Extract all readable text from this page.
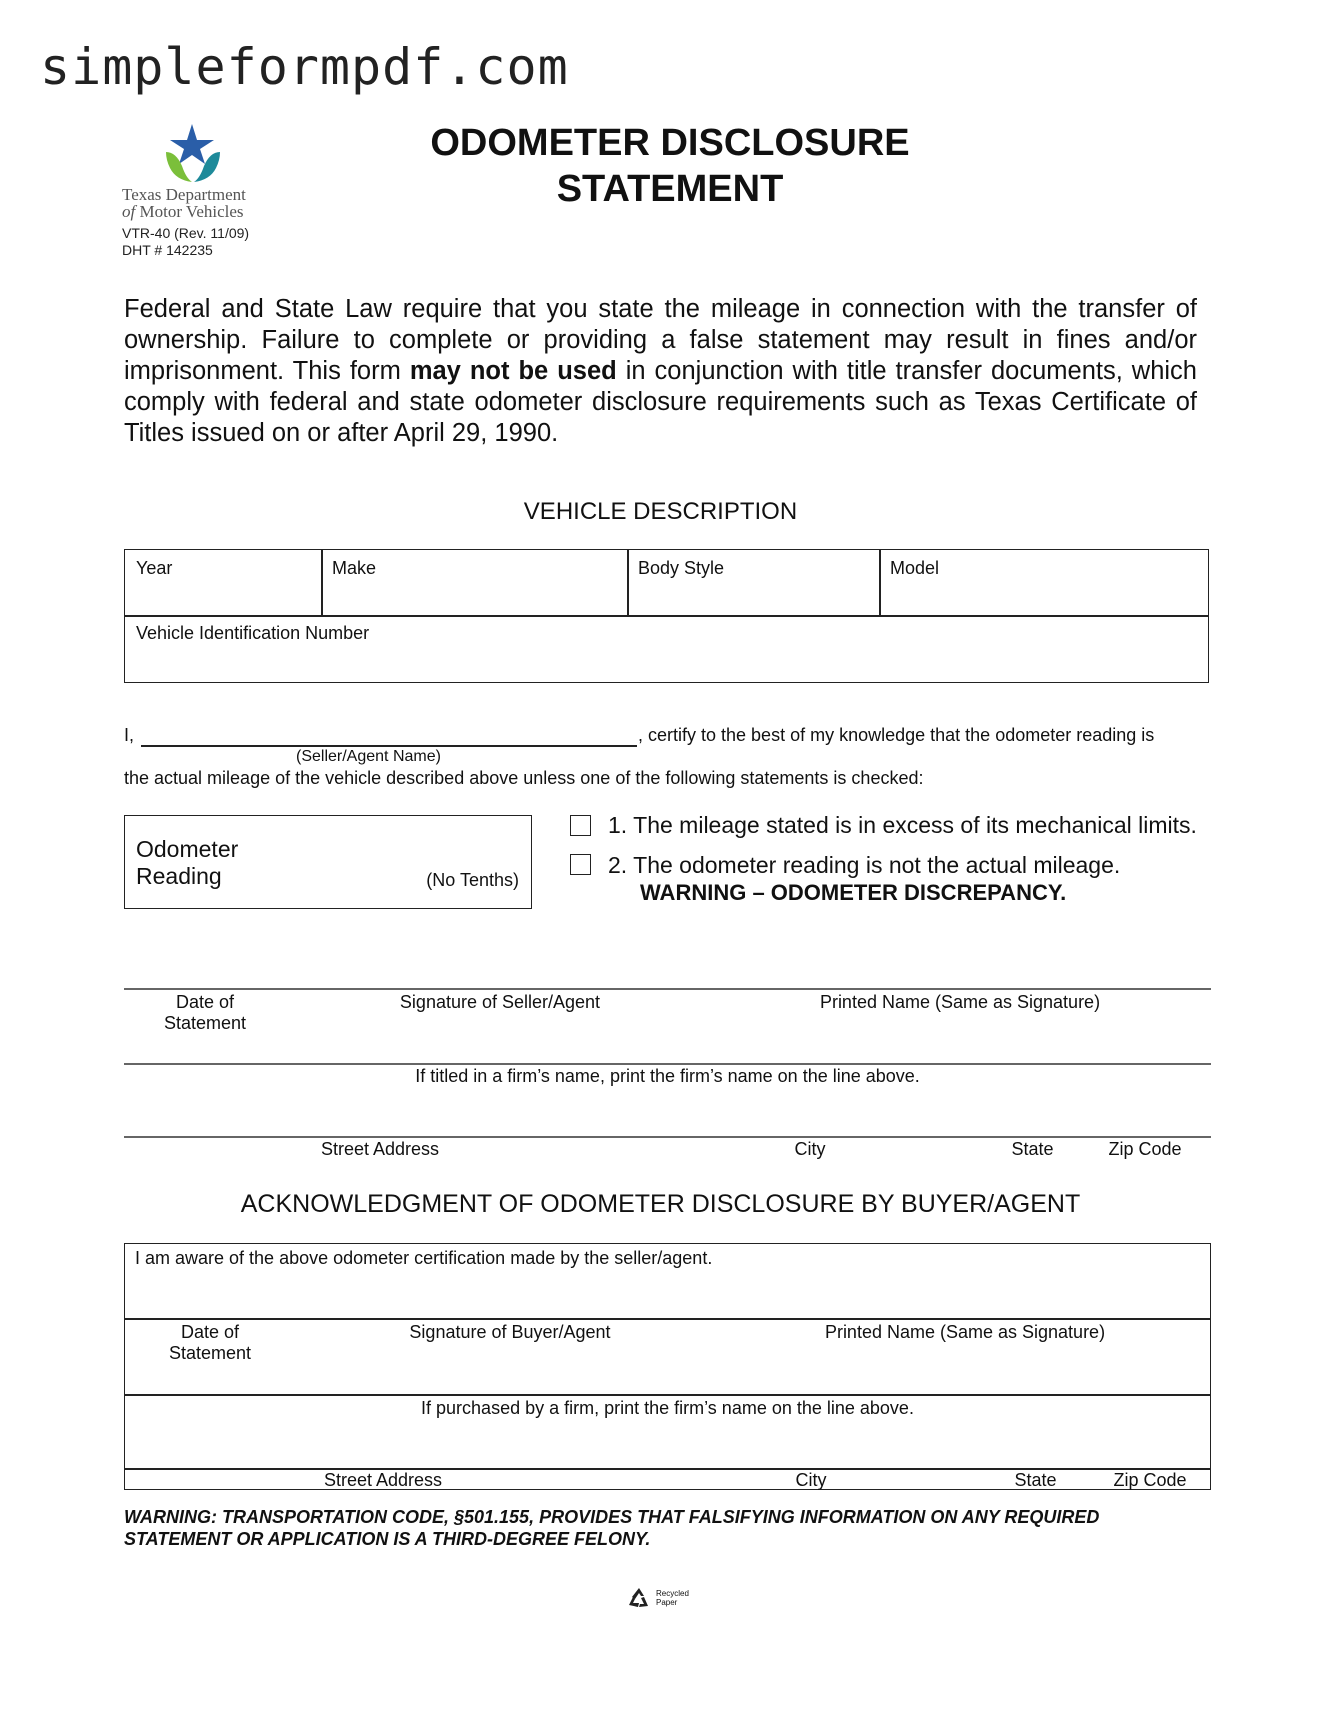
simpleformpdf.com
Texas Department
of Motor Vehicles
VTR-40 (Rev. 11/09)
DHT # 142235
ODOMETER DISCLOSURE
STATEMENT
Federal and State Law require that you state the mileage in connection with the transfer of ownership. Failure to complete or providing a false statement may result in fines and/or imprisonment. This form may not be used in conjunction with title transfer documents, which comply with federal and state odometer disclosure requirements such as Texas Certificate of Titles issued on or after April 29, 1990.
VEHICLE DESCRIPTION
Year	Make	Body Style	Model
Vehicle Identification Number
I,	, certify to the best of my knowledge that the odometer reading is
(Seller/Agent Name)
the actual mileage of the vehicle described above unless one of the following statements is checked:
Odometer
Reading	(No Tenths)
1. The mileage stated is in excess of its mechanical limits.
2. The odometer reading is not the actual mileage.
WARNING – ODOMETER DISCREPANCY.
Date of
Statement
Signature of Seller/Agent	Printed Name (Same as Signature)
If titled in a firm’s name, print the firm’s name on the line above.
Street Address	City	State	Zip Code
ACKNOWLEDGMENT OF ODOMETER DISCLOSURE BY BUYER/AGENT
I am aware of the above odometer certification made by the seller/agent.
Date of
Statement
Signature of Buyer/Agent	Printed Name (Same as Signature)
If purchased by a firm, print the firm’s name on the line above.
Street Address	City	State	Zip Code
WARNING: TRANSPORTATION CODE, §501.155, PROVIDES THAT FALSIFYING INFORMATION ON ANY REQUIRED
STATEMENT OR APPLICATION IS A THIRD-DEGREE FELONY.
Recycled
Paper
